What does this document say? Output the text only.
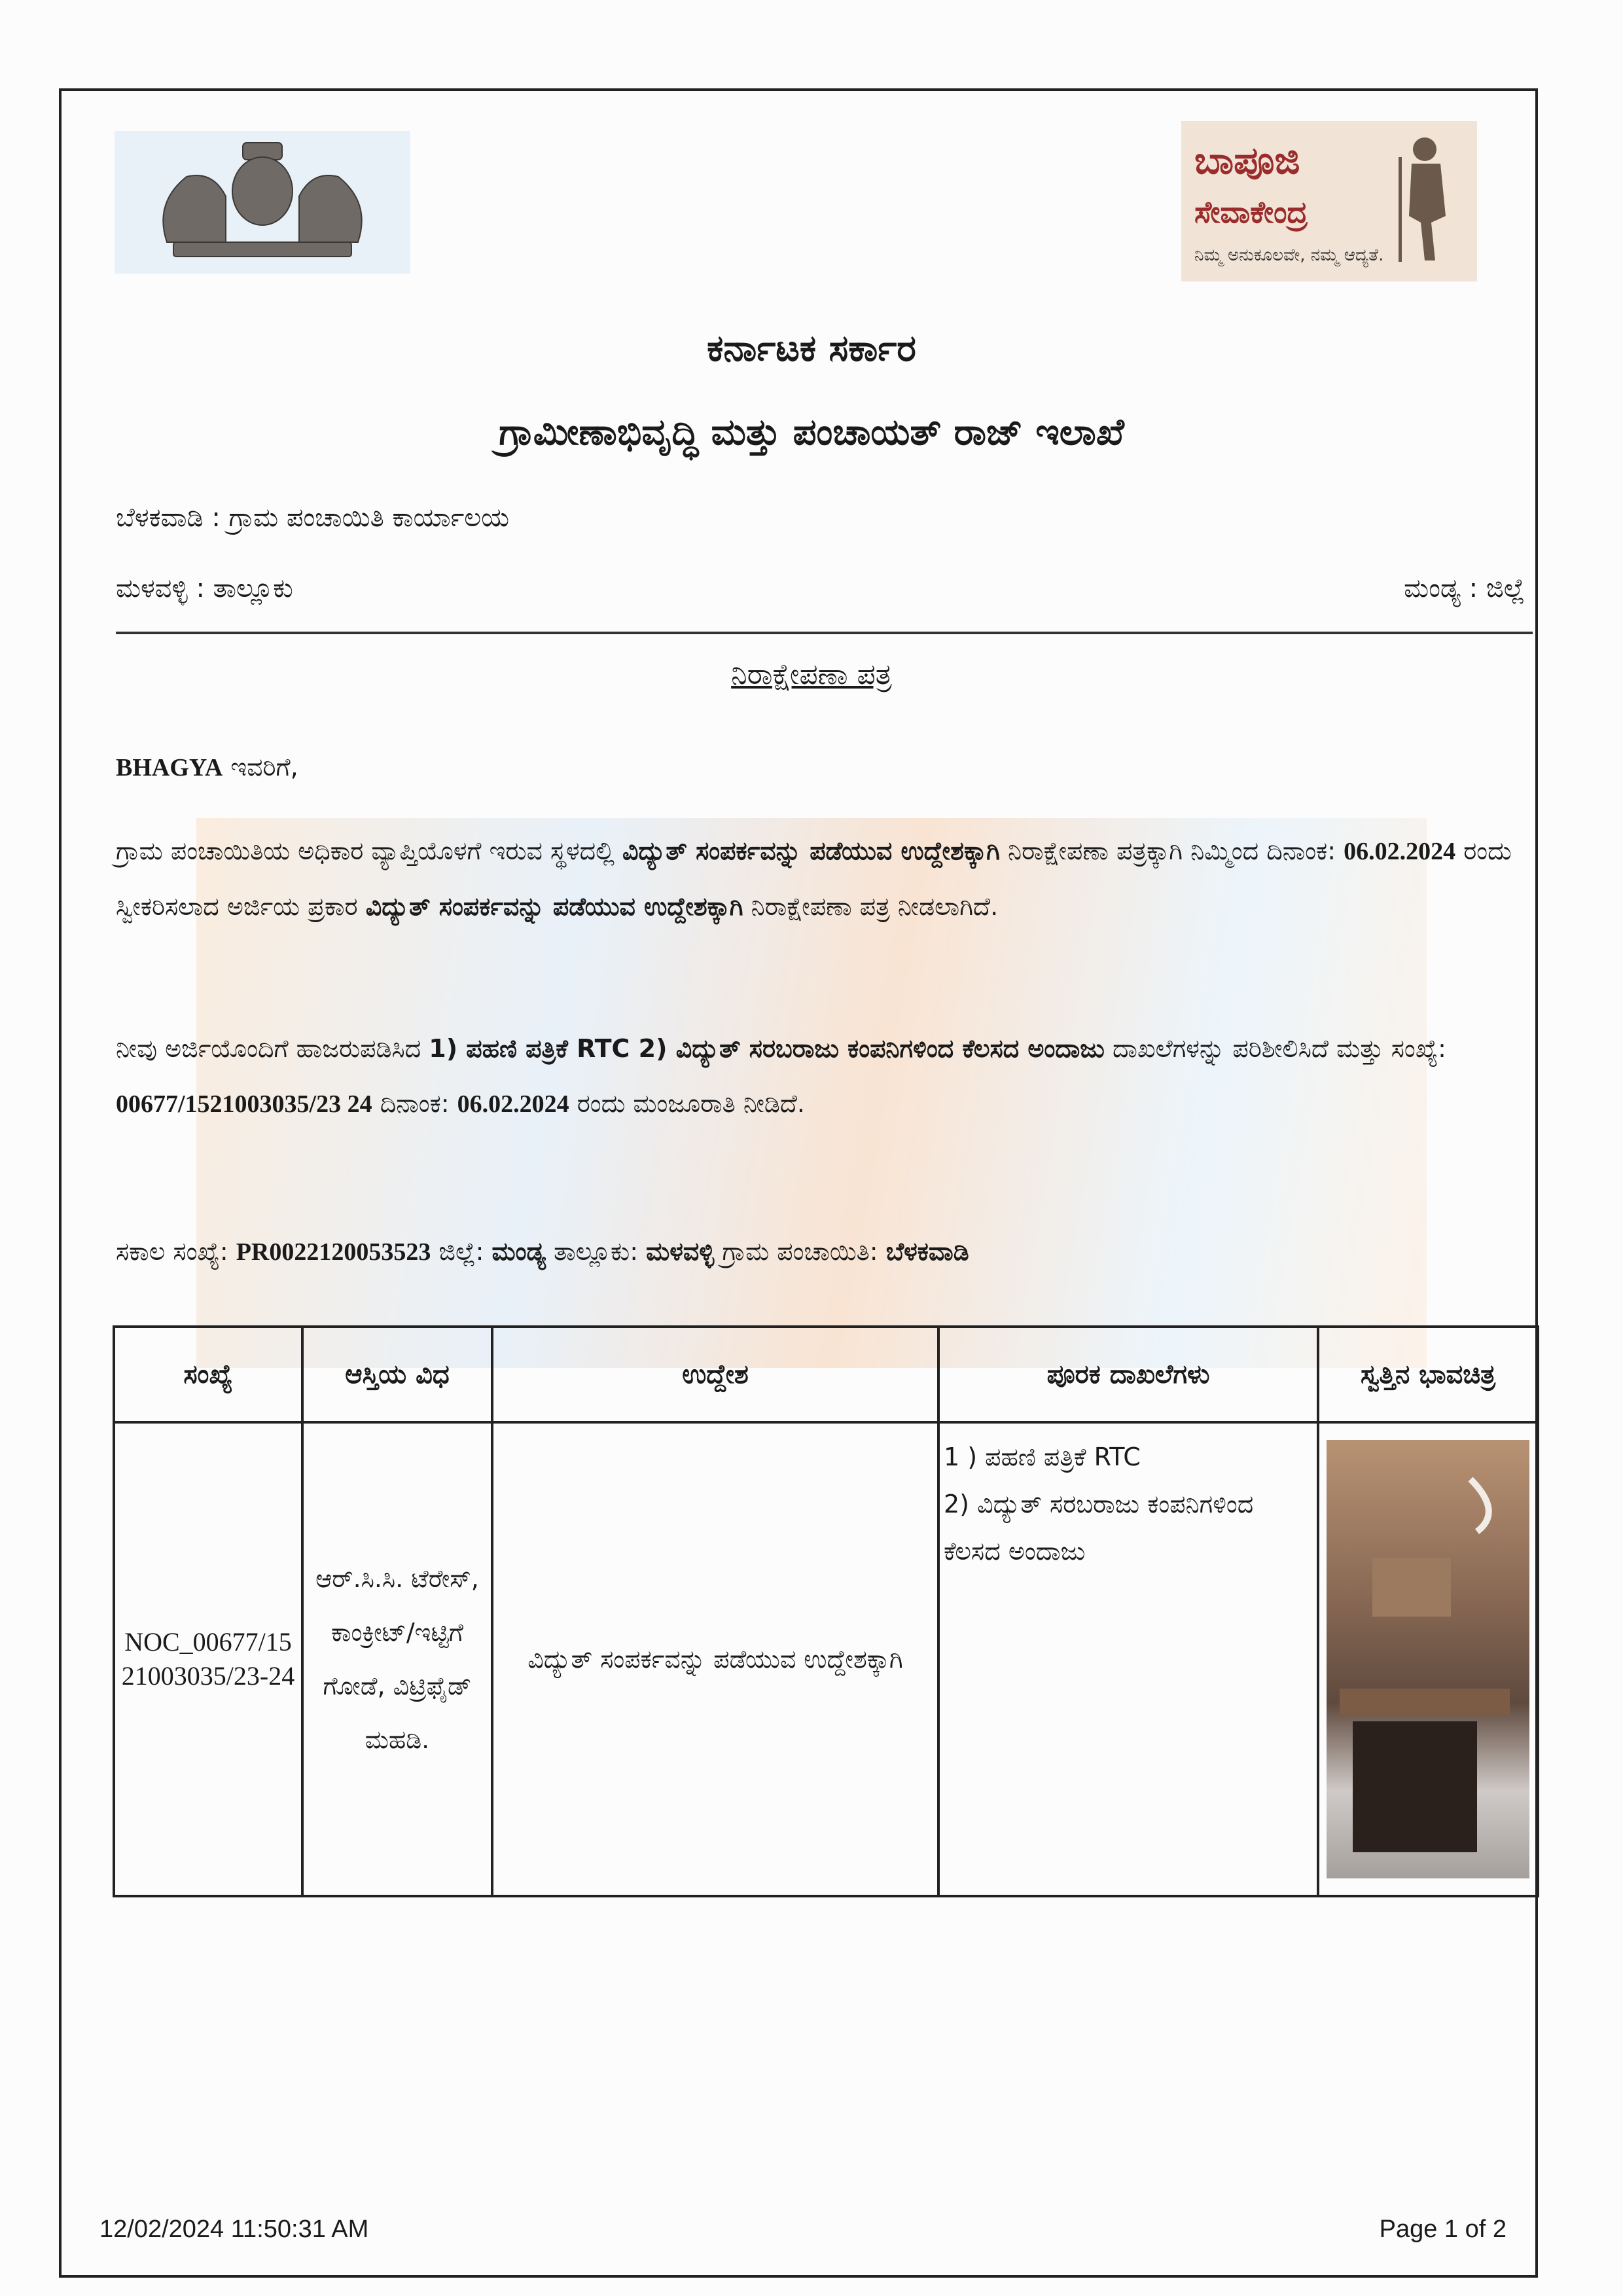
ಬಾಪೂಜಿ
ಸೇವಾಕೇಂದ್ರ
ನಿಮ್ಮ ಅನುಕೂಲವೇ, ನಮ್ಮ ಆದ್ಯತೆ.
ಕರ್ನಾಟಕ ಸರ್ಕಾರ
ಗ್ರಾಮೀಣಾಭಿವೃದ್ಧಿ ಮತ್ತು ಪಂಚಾಯತ್ ರಾಜ್ ಇಲಾಖೆ
ಬೆಳಕವಾಡಿ : ಗ್ರಾಮ ಪಂಚಾಯಿತಿ ಕಾರ್ಯಾಲಯ
ಮಳವಳ್ಳಿ : ತಾಲ್ಲೂಕು	ಮಂಡ್ಯ : ಜಿಲ್ಲೆ
ನಿರಾಕ್ಷೇಪಣಾ ಪತ್ರ
BHAGYA ಇವರಿಗೆ,
ಗ್ರಾಮ ಪಂಚಾಯಿತಿಯ ಅಧಿಕಾರ ವ್ಯಾಪ್ತಿಯೊಳಗೆ ಇರುವ ಸ್ಥಳದಲ್ಲಿ ವಿದ್ಯುತ್ ಸಂಪರ್ಕವನ್ನು ಪಡೆಯುವ ಉದ್ದೇಶಕ್ಕಾಗಿ ನಿರಾಕ್ಷೇಪಣಾ ಪತ್ರಕ್ಕಾಗಿ ನಿಮ್ಮಿಂದ ದಿನಾಂಕ: 06.02.2024 ರಂದು ಸ್ವೀಕರಿಸಲಾದ ಅರ್ಜಿಯ ಪ್ರಕಾರ ವಿದ್ಯುತ್ ಸಂಪರ್ಕವನ್ನು ಪಡೆಯುವ ಉದ್ದೇಶಕ್ಕಾಗಿ ನಿರಾಕ್ಷೇಪಣಾ ಪತ್ರ ನೀಡಲಾಗಿದೆ.
ನೀವು ಅರ್ಜಿಯೊಂದಿಗೆ ಹಾಜರುಪಡಿಸಿದ 1) ಪಹಣಿ ಪತ್ರಿಕೆ RTC 2) ವಿದ್ಯುತ್ ಸರಬರಾಜು ಕಂಪನಿಗಳಿಂದ ಕೆಲಸದ ಅಂದಾಜು ದಾಖಲೆಗಳನ್ನು ಪರಿಶೀಲಿಸಿದೆ ಮತ್ತು ಸಂಖ್ಯೆ: 00677/1521003035/23 24 ದಿನಾಂಕ: 06.02.2024 ರಂದು ಮಂಜೂರಾತಿ ನೀಡಿದೆ.
ಸಕಾಲ ಸಂಖ್ಯೆ: PR0022120053523 ಜಿಲ್ಲೆ: ಮಂಡ್ಯ ತಾಲ್ಲೂಕು: ಮಳವಳ್ಳಿ ಗ್ರಾಮ ಪಂಚಾಯಿತಿ: ಬೆಳಕವಾಡಿ
ಸಂಖ್ಯೆ	ಆಸ್ತಿಯ ವಿಧ	ಉದ್ದೇಶ	ಪೂರಕ ದಾಖಲೆಗಳು	ಸ್ವತ್ತಿನ ಭಾವಚಿತ್ರ
NOC_00677/1521003035/23-24	ಆರ್.ಸಿ.ಸಿ. ಟೆರೇಸ್, ಕಾಂಕ್ರೀಟ್/ಇಟ್ಟಿಗೆ ಗೋಡೆ, ವಿಟ್ರಿಫೈಡ್ ಮಹಡಿ.	ವಿದ್ಯುತ್ ಸಂಪರ್ಕವನ್ನು ಪಡೆಯುವ ಉದ್ದೇಶಕ್ಕಾಗಿ	1 ) ಪಹಣಿ ಪತ್ರಿಕೆ RTC
2) ವಿದ್ಯುತ್ ಸರಬರಾಜು ಕಂಪನಿಗಳಿಂದ ಕೆಲಸದ ಅಂದಾಜು

12/02/2024 11:50:31 AM	Page 1 of 2
